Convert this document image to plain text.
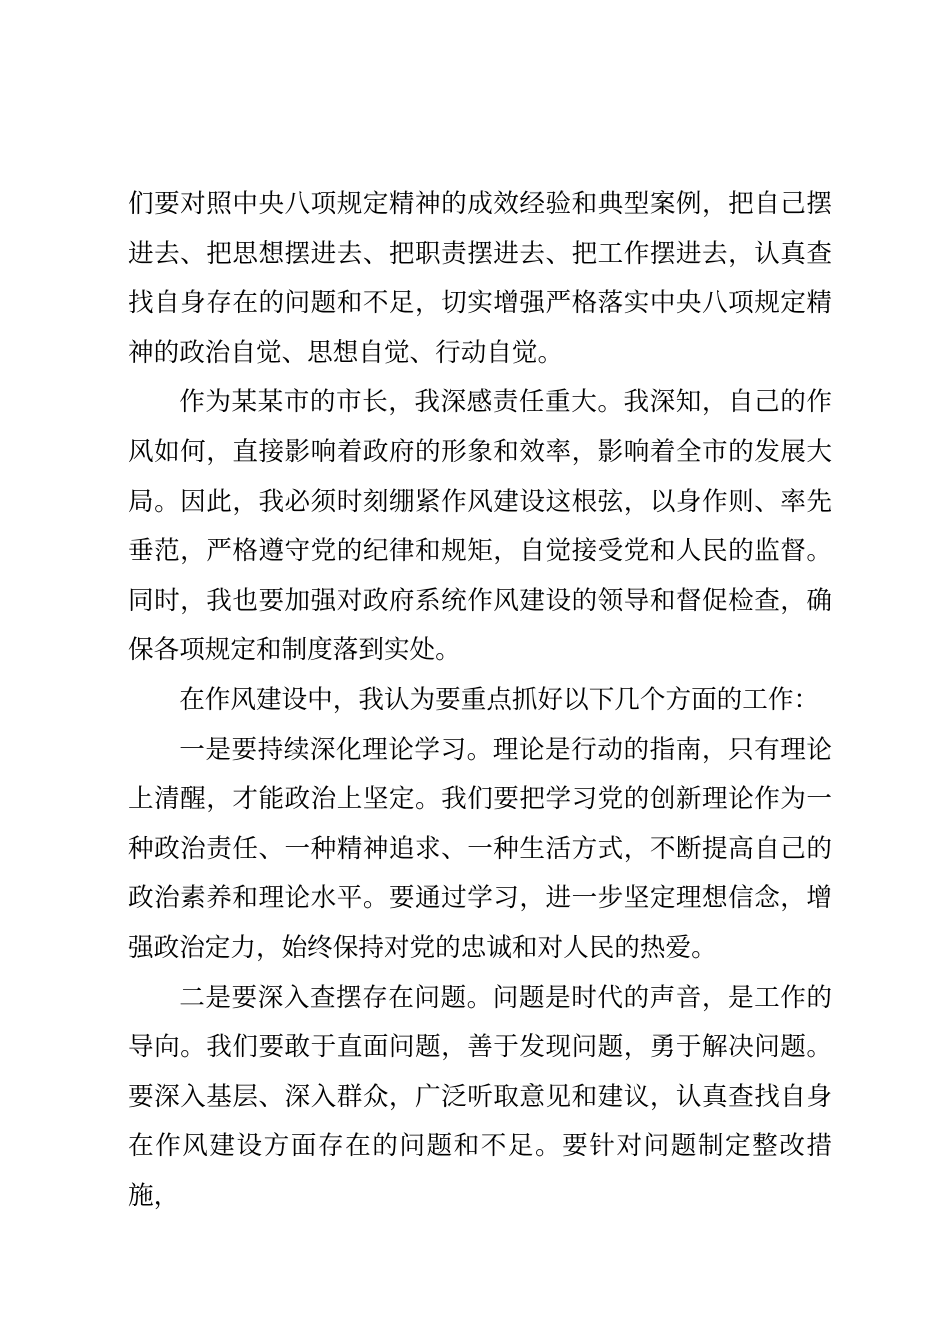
们要对照中央八项规定精神的成效经验和典型案例，把自己摆进去、把思想摆进去、把职责摆进去、把工作摆进去，认真查找自身存在的问题和不足，切实增强严格落实中央八项规定精神的政治自觉、思想自觉、行动自觉。

作为某某市的市长，我深感责任重大。我深知，自己的作风如何，直接影响着政府的形象和效率，影响着全市的发展大局。因此，我必须时刻绷紧作风建设这根弦，以身作则、率先垂范，严格遵守党的纪律和规矩，自觉接受党和人民的监督。同时，我也要加强对政府系统作风建设的领导和督促检查，确保各项规定和制度落到实处。

在作风建设中，我认为要重点抓好以下几个方面的工作：

一是要持续深化理论学习。理论是行动的指南，只有理论上清醒，才能政治上坚定。我们要把学习党的创新理论作为一种政治责任、一种精神追求、一种生活方式，不断提高自己的政治素养和理论水平。要通过学习，进一步坚定理想信念，增强政治定力，始终保持对党的忠诚和对人民的热爱。

二是要深入查摆存在问题。问题是时代的声音，是工作的导向。我们要敢于直面问题，善于发现问题，勇于解决问题。要深入基层、深入群众，广泛听取意见和建议，认真查找自身在作风建设方面存在的问题和不足。要针对问题制定整改措施，
